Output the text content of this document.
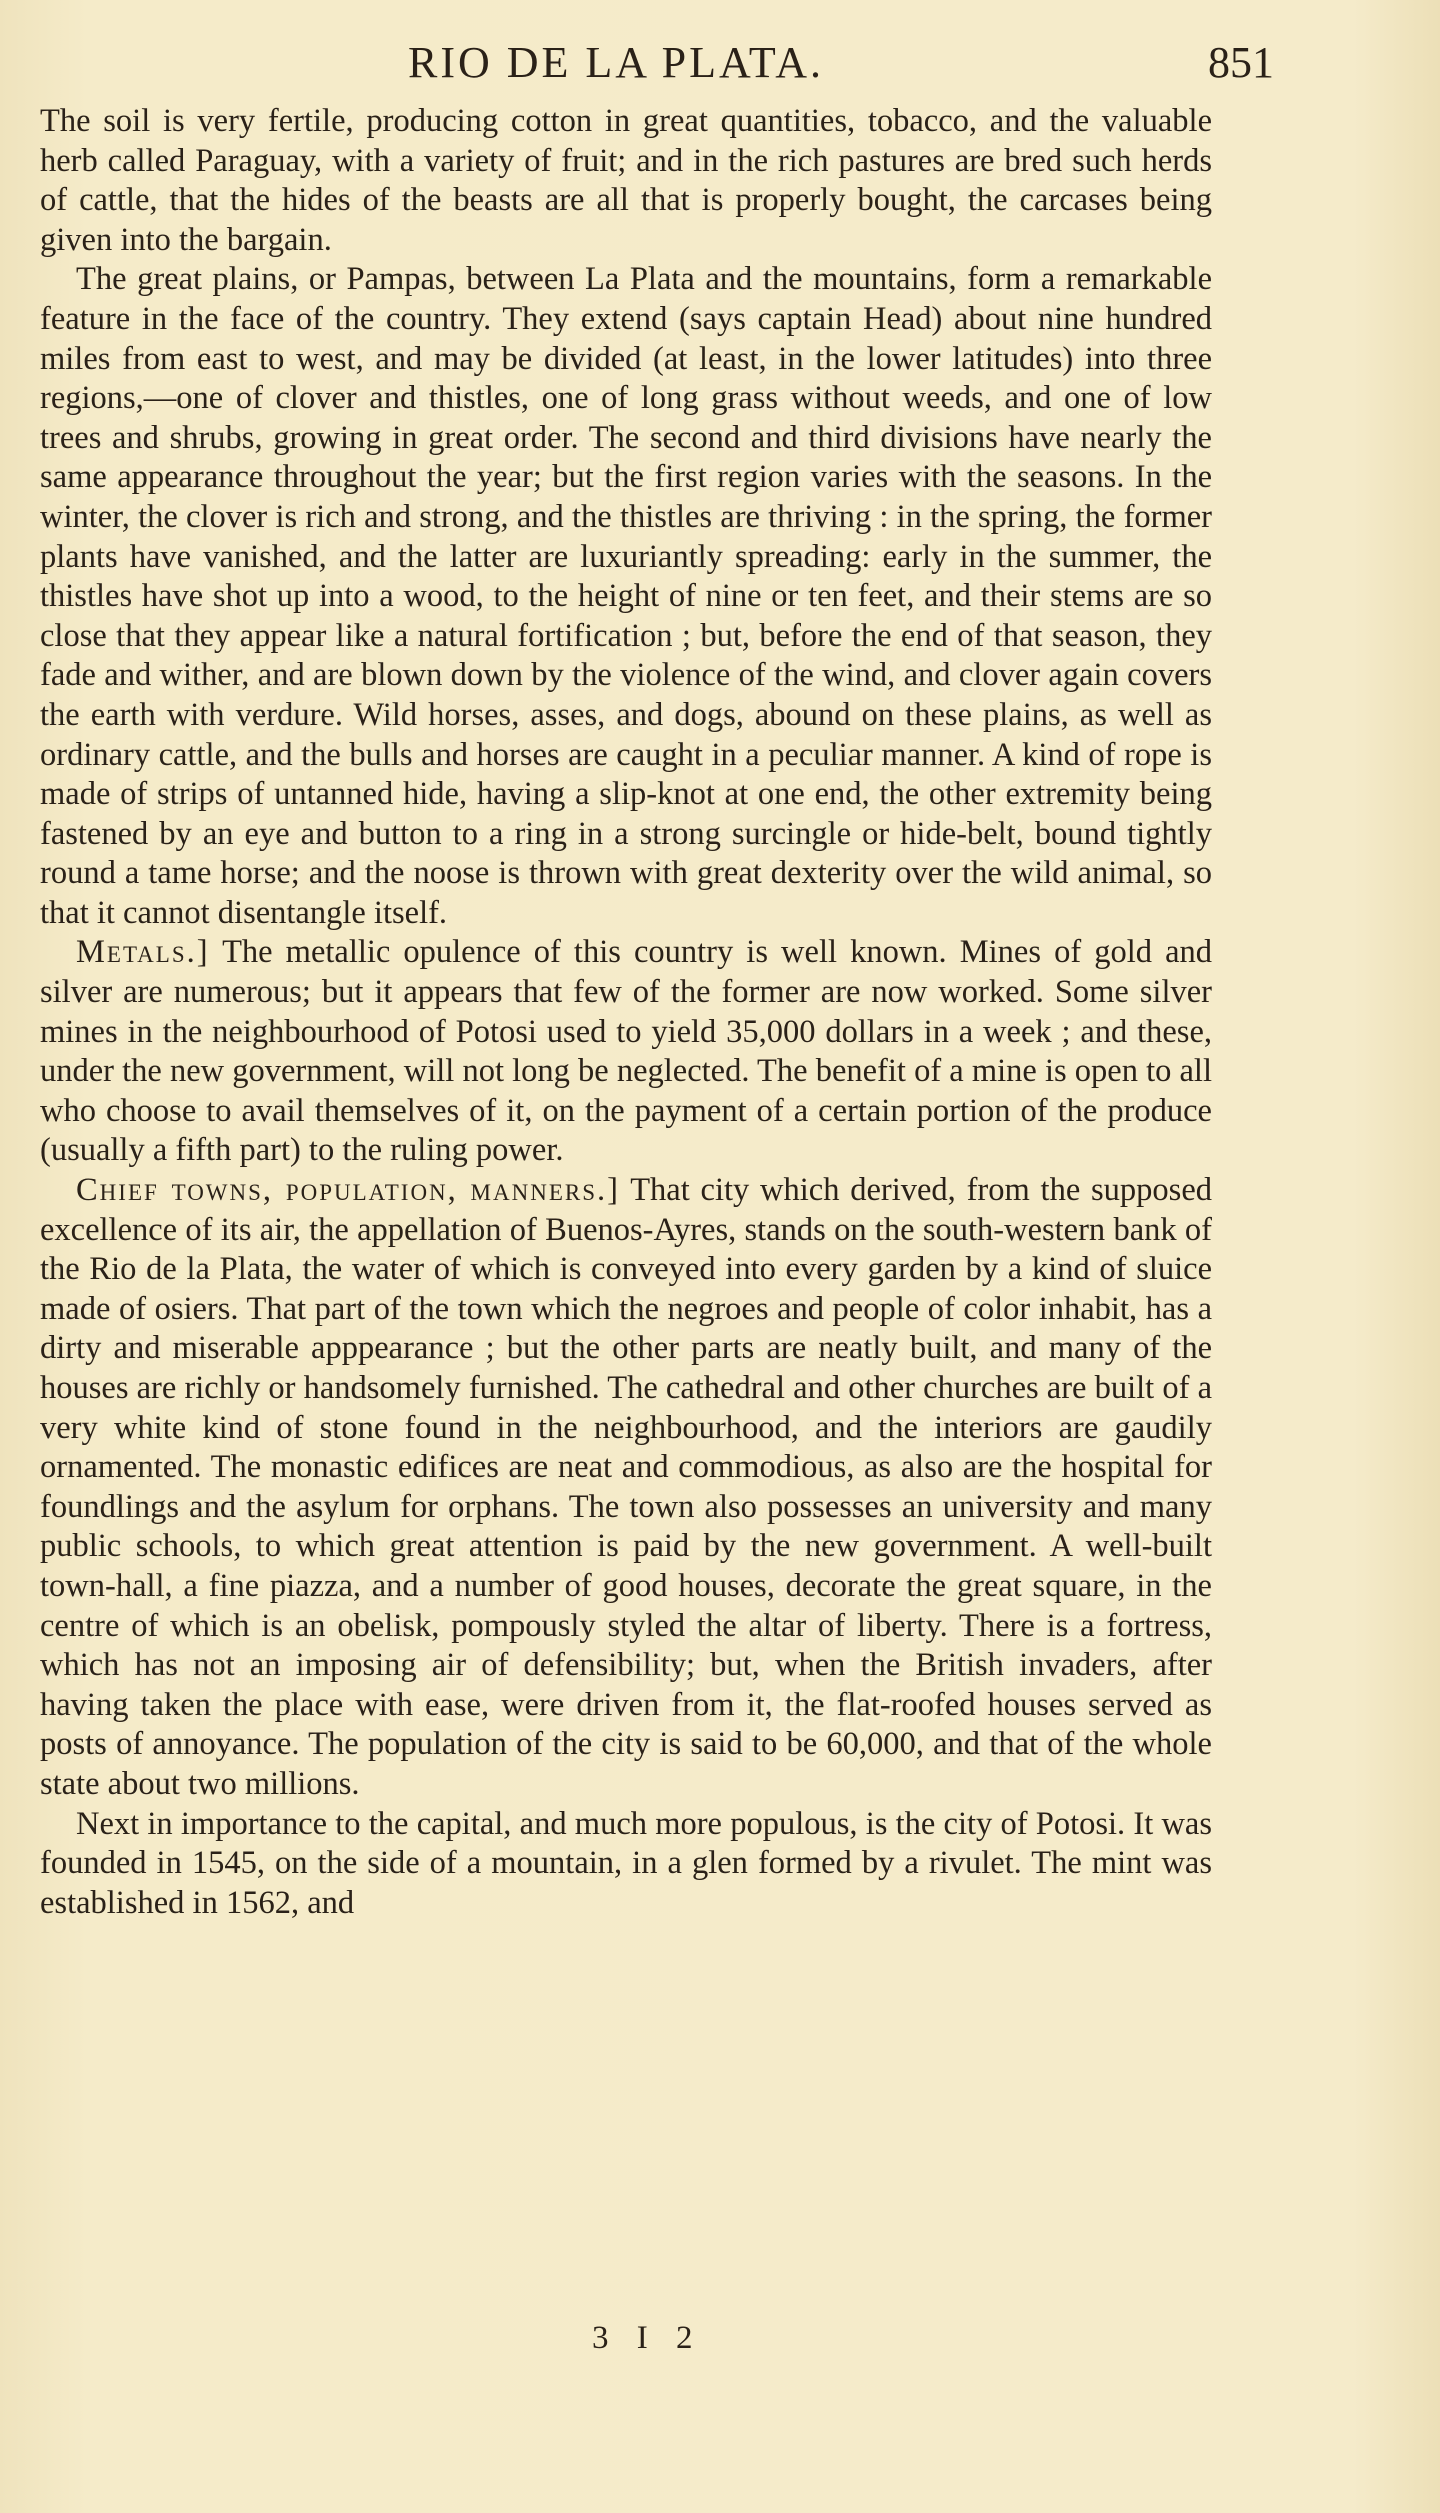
RIO DE LA PLATA.	851

The soil is very fertile, producing cotton in great quantities, tobacco, and the valuable herb called Paraguay, with a variety of fruit; and in the rich pastures are bred such herds of cattle, that the hides of the beasts are all that is properly bought, the carcases being given into the bargain.

The great plains, or Pampas, between La Plata and the mountains, form a remarkable feature in the face of the country. They extend (says captain Head) about nine hundred miles from east to west, and may be divided (at least, in the lower latitudes) into three regions,—one of clover and thistles, one of long grass without weeds, and one of low trees and shrubs, growing in great order. The second and third divisions have nearly the same appearance throughout the year; but the first region varies with the seasons. In the winter, the clover is rich and strong, and the thistles are thriving : in the spring, the former plants have vanished, and the latter are luxuriantly spreading: early in the summer, the thistles have shot up into a wood, to the height of nine or ten feet, and their stems are so close that they appear like a natural fortification ; but, before the end of that season, they fade and wither, and are blown down by the violence of the wind, and clover again covers the earth with verdure. Wild horses, asses, and dogs, abound on these plains, as well as ordinary cattle, and the bulls and horses are caught in a peculiar manner. A kind of rope is made of strips of untanned hide, having a slip-knot at one end, the other extremity being fastened by an eye and button to a ring in a strong surcingle or hide-belt, bound tightly round a tame horse; and the noose is thrown with great dexterity over the wild animal, so that it cannot disentangle itself.

Metals.] The metallic opulence of this country is well known. Mines of gold and silver are numerous; but it appears that few of the former are now worked. Some silver mines in the neighbourhood of Potosi used to yield 35,000 dollars in a week ; and these, under the new government, will not long be neglected. The benefit of a mine is open to all who choose to avail themselves of it, on the payment of a certain portion of the produce (usually a fifth part) to the ruling power.

Chief towns, population, manners.] That city which derived, from the supposed excellence of its air, the appellation of Buenos-Ayres, stands on the south-western bank of the Rio de la Plata, the water of which is conveyed into every garden by a kind of sluice made of osiers. That part of the town which the negroes and people of color inhabit, has a dirty and miserable apppearance ; but the other parts are neatly built, and many of the houses are richly or handsomely furnished. The cathedral and other churches are built of a very white kind of stone found in the neighbourhood, and the interiors are gaudily ornamented. The monastic edifices are neat and commodious, as also are the hospital for foundlings and the asylum for orphans. The town also possesses an university and many public schools, to which great attention is paid by the new government. A well-built town-hall, a fine piazza, and a number of good houses, decorate the great square, in the centre of which is an obelisk, pompously styled the altar of liberty. There is a fortress, which has not an imposing air of defensibility; but, when the British invaders, after having taken the place with ease, were driven from it, the flat-roofed houses served as posts of annoyance. The population of the city is said to be 60,000, and that of the whole state about two millions.

Next in importance to the capital, and much more populous, is the city of Potosi. It was founded in 1545, on the side of a mountain, in a glen formed by a rivulet. The mint was established in 1562, and

3 I 2
